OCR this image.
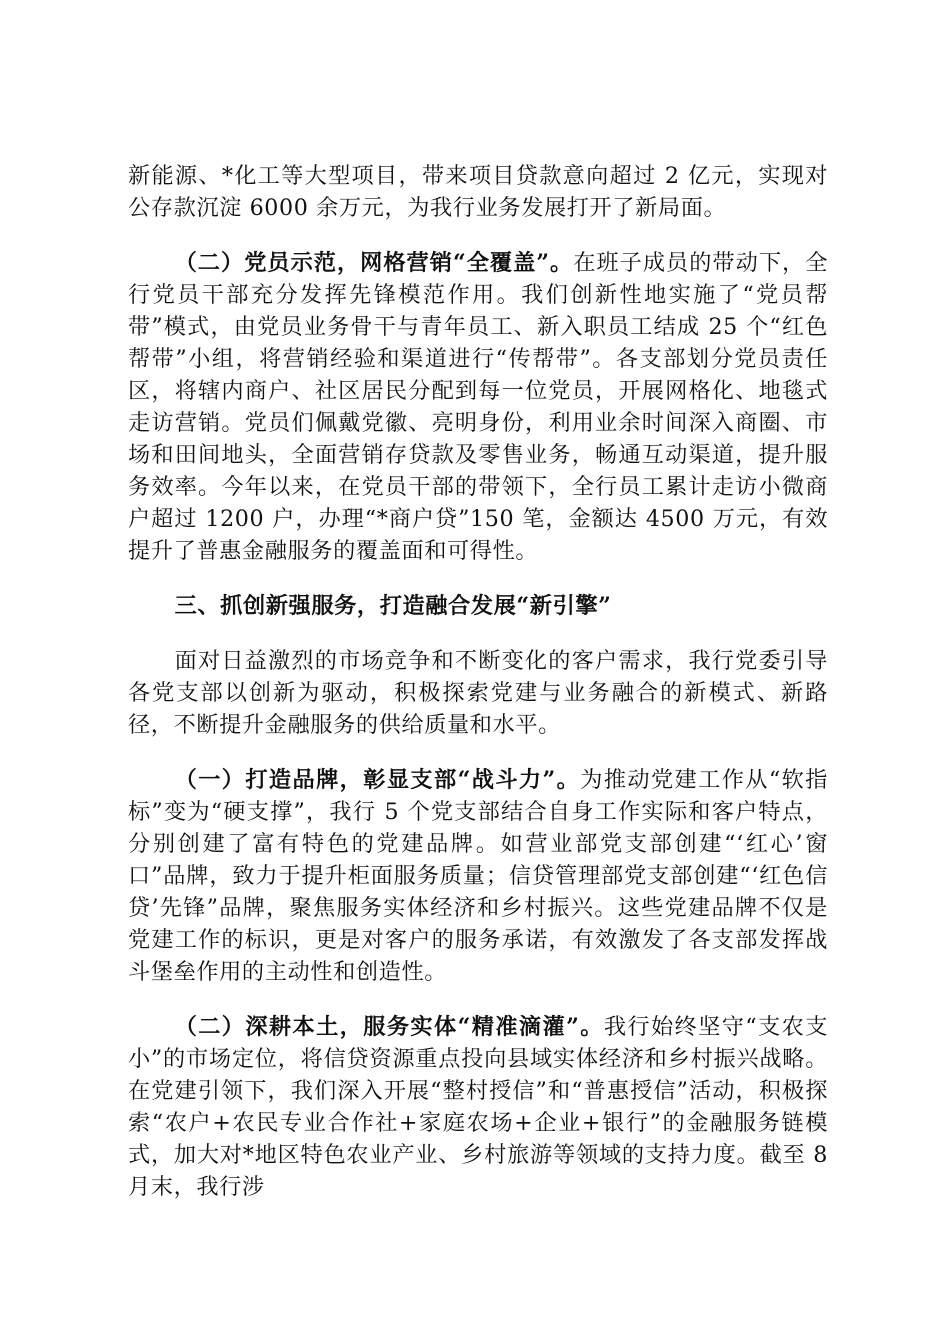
新能源、*化工等大型项目，带来项目贷款意向超过 2 亿元，实现对公存款沉淀 6000 余万元，为我行业务发展打开了新局面。

（二）党员示范，网格营销“全覆盖”。在班子成员的带动下，全行党员干部充分发挥先锋模范作用。我们创新性地实施了“党员帮带”模式，由党员业务骨干与青年员工、新入职员工结成 25 个“红色帮带”小组，将营销经验和渠道进行“传帮带”。各支部划分党员责任区，将辖内商户、社区居民分配到每一位党员，开展网格化、地毯式走访营销。党员们佩戴党徽、亮明身份，利用业余时间深入商圈、市场和田间地头，全面营销存贷款及零售业务，畅通互动渠道，提升服务效率。今年以来，在党员干部的带领下，全行员工累计走访小微商户超过 1200 户，办理“*商户贷”150 笔，金额达 4500 万元，有效提升了普惠金融服务的覆盖面和可得性。

三、抓创新强服务，打造融合发展“新引擎”

面对日益激烈的市场竞争和不断变化的客户需求，我行党委引导各党支部以创新为驱动，积极探索党建与业务融合的新模式、新路径，不断提升金融服务的供给质量和水平。

（一）打造品牌，彰显支部“战斗力”。为推动党建工作从“软指标”变为“硬支撑”，我行 5 个党支部结合自身工作实际和客户特点，分别创建了富有特色的党建品牌。如营业部党支部创建“‘红心’窗口”品牌，致力于提升柜面服务质量；信贷管理部党支部创建“‘红色信贷’先锋”品牌，聚焦服务实体经济和乡村振兴。这些党建品牌不仅是党建工作的标识，更是对客户的服务承诺，有效激发了各支部发挥战斗堡垒作用的主动性和创造性。

（二）深耕本土，服务实体“精准滴灌”。我行始终坚守“支农支小”的市场定位，将信贷资源重点投向县域实体经济和乡村振兴战略。在党建引领下，我们深入开展“整村授信”和“普惠授信”活动，积极探索“农户+农民专业合作社+家庭农场+企业+银行”的金融服务链模式，加大对*地区特色农业产业、乡村旅游等领域的支持力度。截至 8 月末，我行涉
